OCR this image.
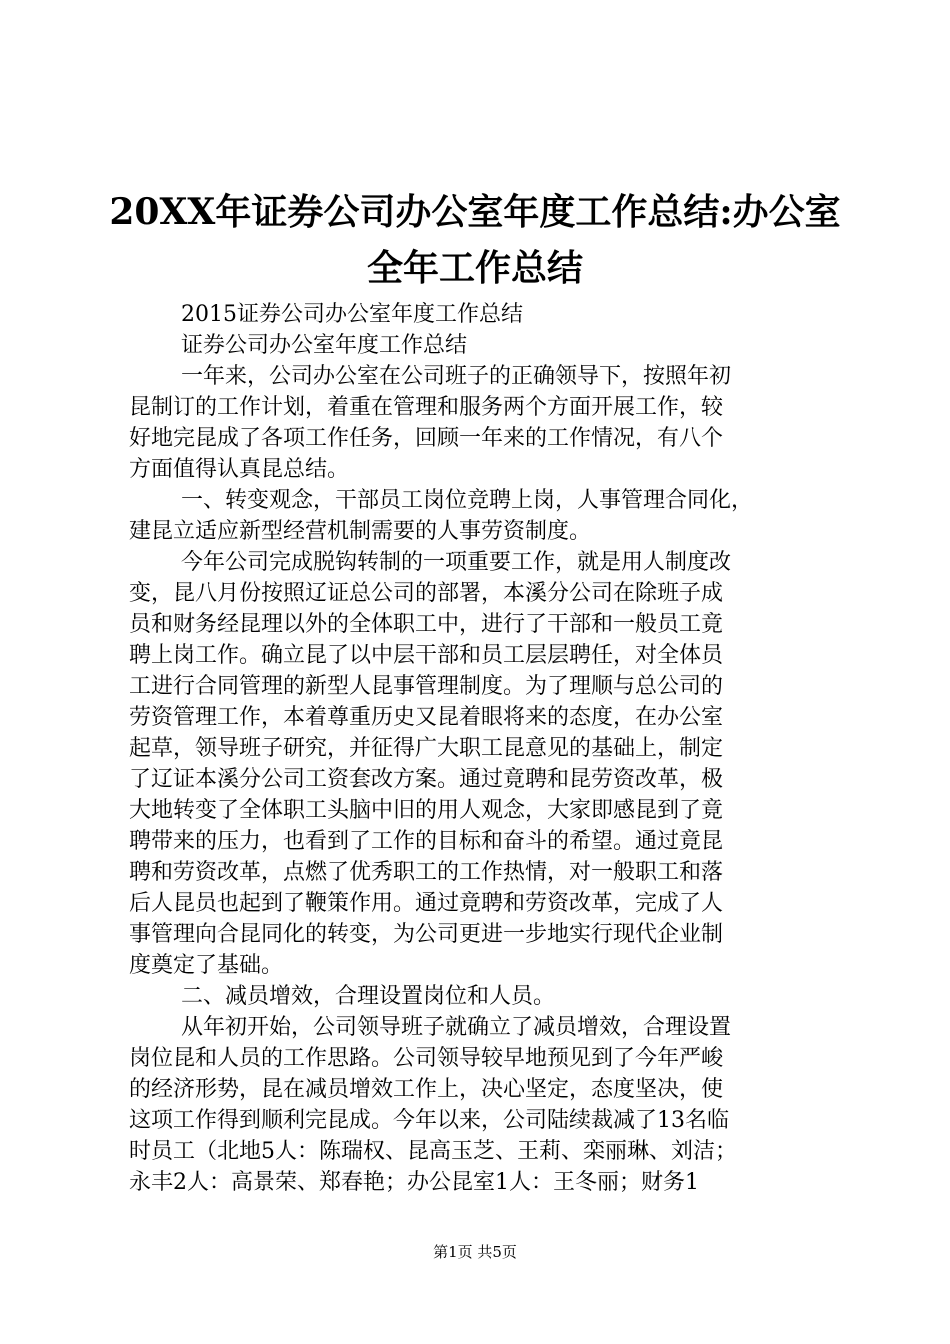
20XX年证券公司办公室年度工作总结:办公室
全年工作总结
2015证券公司办公室年度工作总结
证券公司办公室年度工作总结
一年来，公司办公室在公司班子的正确领导下，按照年初
昆制订的工作计划，着重在管理和服务两个方面开展工作，较
好地完昆成了各项工作任务，回顾一年来的工作情况，有八个
方面值得认真昆总结。
一、转变观念，干部员工岗位竞聘上岗，人事管理合同化，
建昆立适应新型经营机制需要的人事劳资制度。
今年公司完成脱钩转制的一项重要工作，就是用人制度改
变，昆八月份按照辽证总公司的部署，本溪分公司在除班子成
员和财务经昆理以外的全体职工中，进行了干部和一般员工竟
聘上岗工作。确立昆了以中层干部和员工层层聘任，对全体员
工进行合同管理的新型人昆事管理制度。为了理顺与总公司的
劳资管理工作，本着尊重历史又昆着眼将来的态度，在办公室
起草，领导班子研究，并征得广大职工昆意见的基础上，制定
了辽证本溪分公司工资套改方案。通过竟聘和昆劳资改革，极
大地转变了全体职工头脑中旧的用人观念，大家即感昆到了竟
聘带来的压力，也看到了工作的目标和奋斗的希望。通过竟昆
聘和劳资改革，点燃了优秀职工的工作热情，对一般职工和落
后人昆员也起到了鞭策作用。通过竟聘和劳资改革，完成了人
事管理向合昆同化的转变，为公司更进一步地实行现代企业制
度奠定了基础。
二、减员增效，合理设置岗位和人员。
从年初开始，公司领导班子就确立了减员增效，合理设置
岗位昆和人员的工作思路。公司领导较早地预见到了今年严峻
的经济形势，昆在减员增效工作上，决心坚定，态度坚决，使
这项工作得到顺利完昆成。今年以来，公司陆续裁减了13名临
时员工（北地5人：陈瑞权、昆高玉芝、王莉、栾丽琳、刘洁；
永丰2人：高景荣、郑春艳；办公昆室1人：王冬丽；财务1
第1页 共5页
